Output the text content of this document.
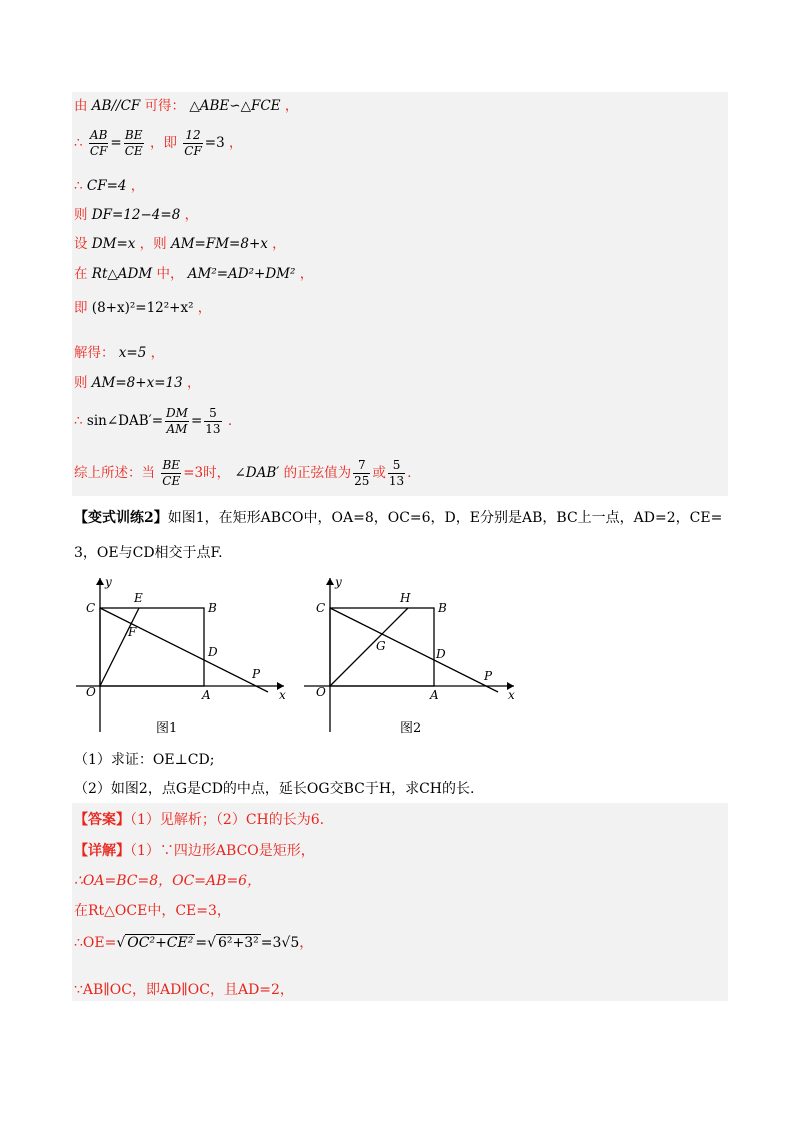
由 AB//CF 可得： △ABE∽△FCE ，
∴ $\frac{AB}{CF} = \frac{BE}{CE}$ ，即 $\frac{12}{CF} =3$ ，
∴ CF=4 ，
则 DF=12−4=8 ，
设 DM=x ，则 AM=FM=8+x ，
在 Rt△ADM 中， AM²=AD²+DM² ，
即 (8+x)²=12²+x² ，
解得： x=5 ，
则 AM=8+x=13 ，
∴ sin∠DAB′= $\frac{DM}{AM} = \frac{5}{13}$ ．
综上所述：当 $\frac{BE}{CE} =3$时， ∠DAB′ 的正弦值为 $\frac{7}{25}$ 或 $\frac{5}{13}$ ．
【变式训练2】如图1，在矩形ABCO中，OA=8，OC=6，D，E分别是AB，BC上一点，AD=2，CE=
3，OE与CD相交于点F.
y
x
C
E
B
F
D
P
O	A
图1
y
x
C
H
B
G
D
P
O	A
图2
（1）求证：OE⊥CD;
（2）如图2，点G是CD的中点，延长OG交BC于H，求CH的长.
【答案】（1）见解析；（2）CH的长为6.
【详解】（1）∵四边形ABCO是矩形，
∴OA=BC=8，OC=AB=6，
在Rt△OCE中，CE=3，
∴OE=√ OC²+CE² =√ 6²+3² =3√5，
∵AB∥OC，即AD∥OC，且AD=2，
